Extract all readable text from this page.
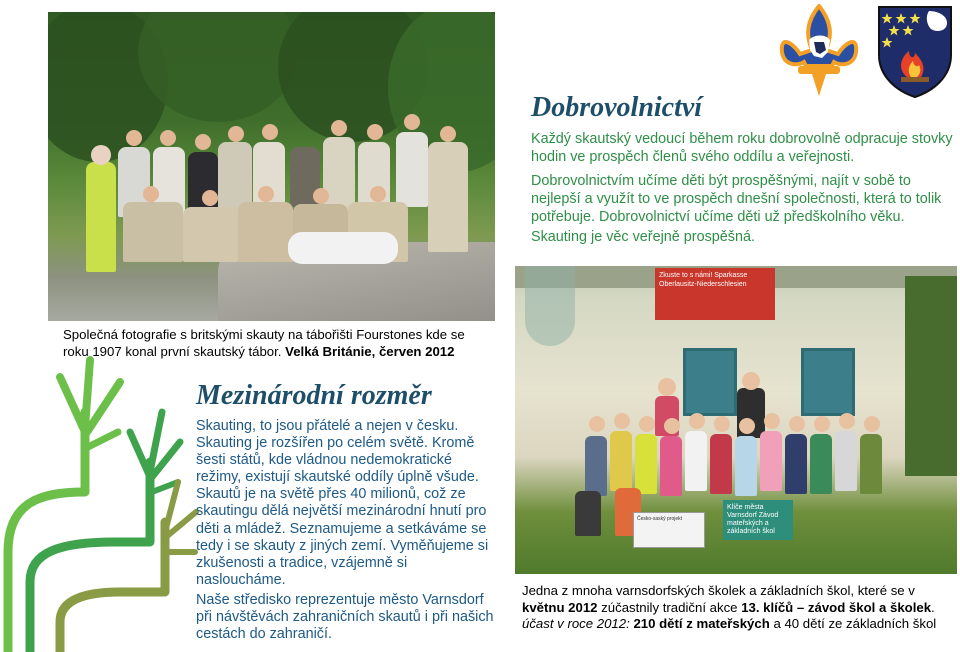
Společná fotografie s britskými skauty na tábořišti Fourstones kde se roku 1907 konal první skautský tábor. Velká Británie, červen 2012
Dobrovolnictví
Každý skautský vedoucí během roku dobrovolně odpracuje stovky hodin ve prospěch členů svého oddílu a veřejnosti.
Dobrovolnictvím učíme děti být prospěšnými, najít v sobě to nejlepší a využít to ve prospěch dnešní společnosti, která to tolik potřebuje. Dobrovolnictví učíme děti už předškolního věku.
Skauting je věc veřejně prospěšná.
Zkuste to s námi! Sparkasse Oberlausitz-Niederschlesien
Česko-saský projekt
Klíče města Varnsdorf Závod mateřských a základních škol
Mezinárodní rozměr
Skauting, to jsou přátelé a nejen v česku. Skauting je rozšířen po celém světě. Kromě šesti států, kde vládnou nedemokratické režimy, existují skautské oddíly úplně všude. Skautů je na světě přes 40 milionů, což ze skautingu dělá největší mezinárodní hnutí pro děti a mládež. Seznamujeme a setkáváme se tedy i se skauty z jiných zemí. Vyměňujeme si zkušenosti a tradice, vzájemně si nasloucháme.
Naše středisko reprezentuje město Varnsdorf při návštěvách zahraničních skautů i při našich cestách do zahraničí.
Jedna z mnoha varnsdorfských školek a základních škol, které se v květnu 2012 zúčastnily tradiční akce 13. klíčů – závod škol a školek.
účast v roce 2012: 210 dětí z mateřských a 40 dětí ze základních škol
